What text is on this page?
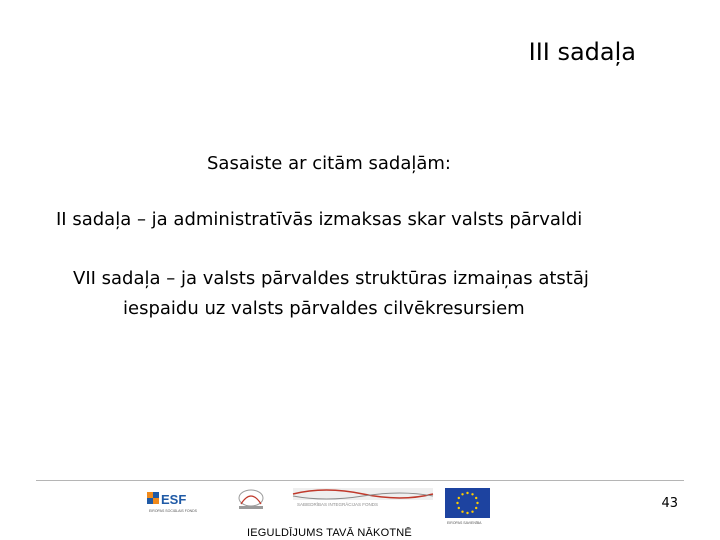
III sadaļa
Sasaiste ar citām sadaļām:
II sadaļa – ja administratīvās izmaksas skar valsts pārvaldi
VII sadaļa – ja valsts pārvaldes struktūras izmaiņas atstāj
iespaidu uz valsts pārvaldes cilvēkresursiem
43
ESF
EIROPAS SOCIĀLAIS FONDS
SABIEDRĪBAS INTEGRĀCIJAS FONDS
EIROPAS SAVIENĪBA
IEGULDĪJUMS TAVĀ NĀKOTNĒ
